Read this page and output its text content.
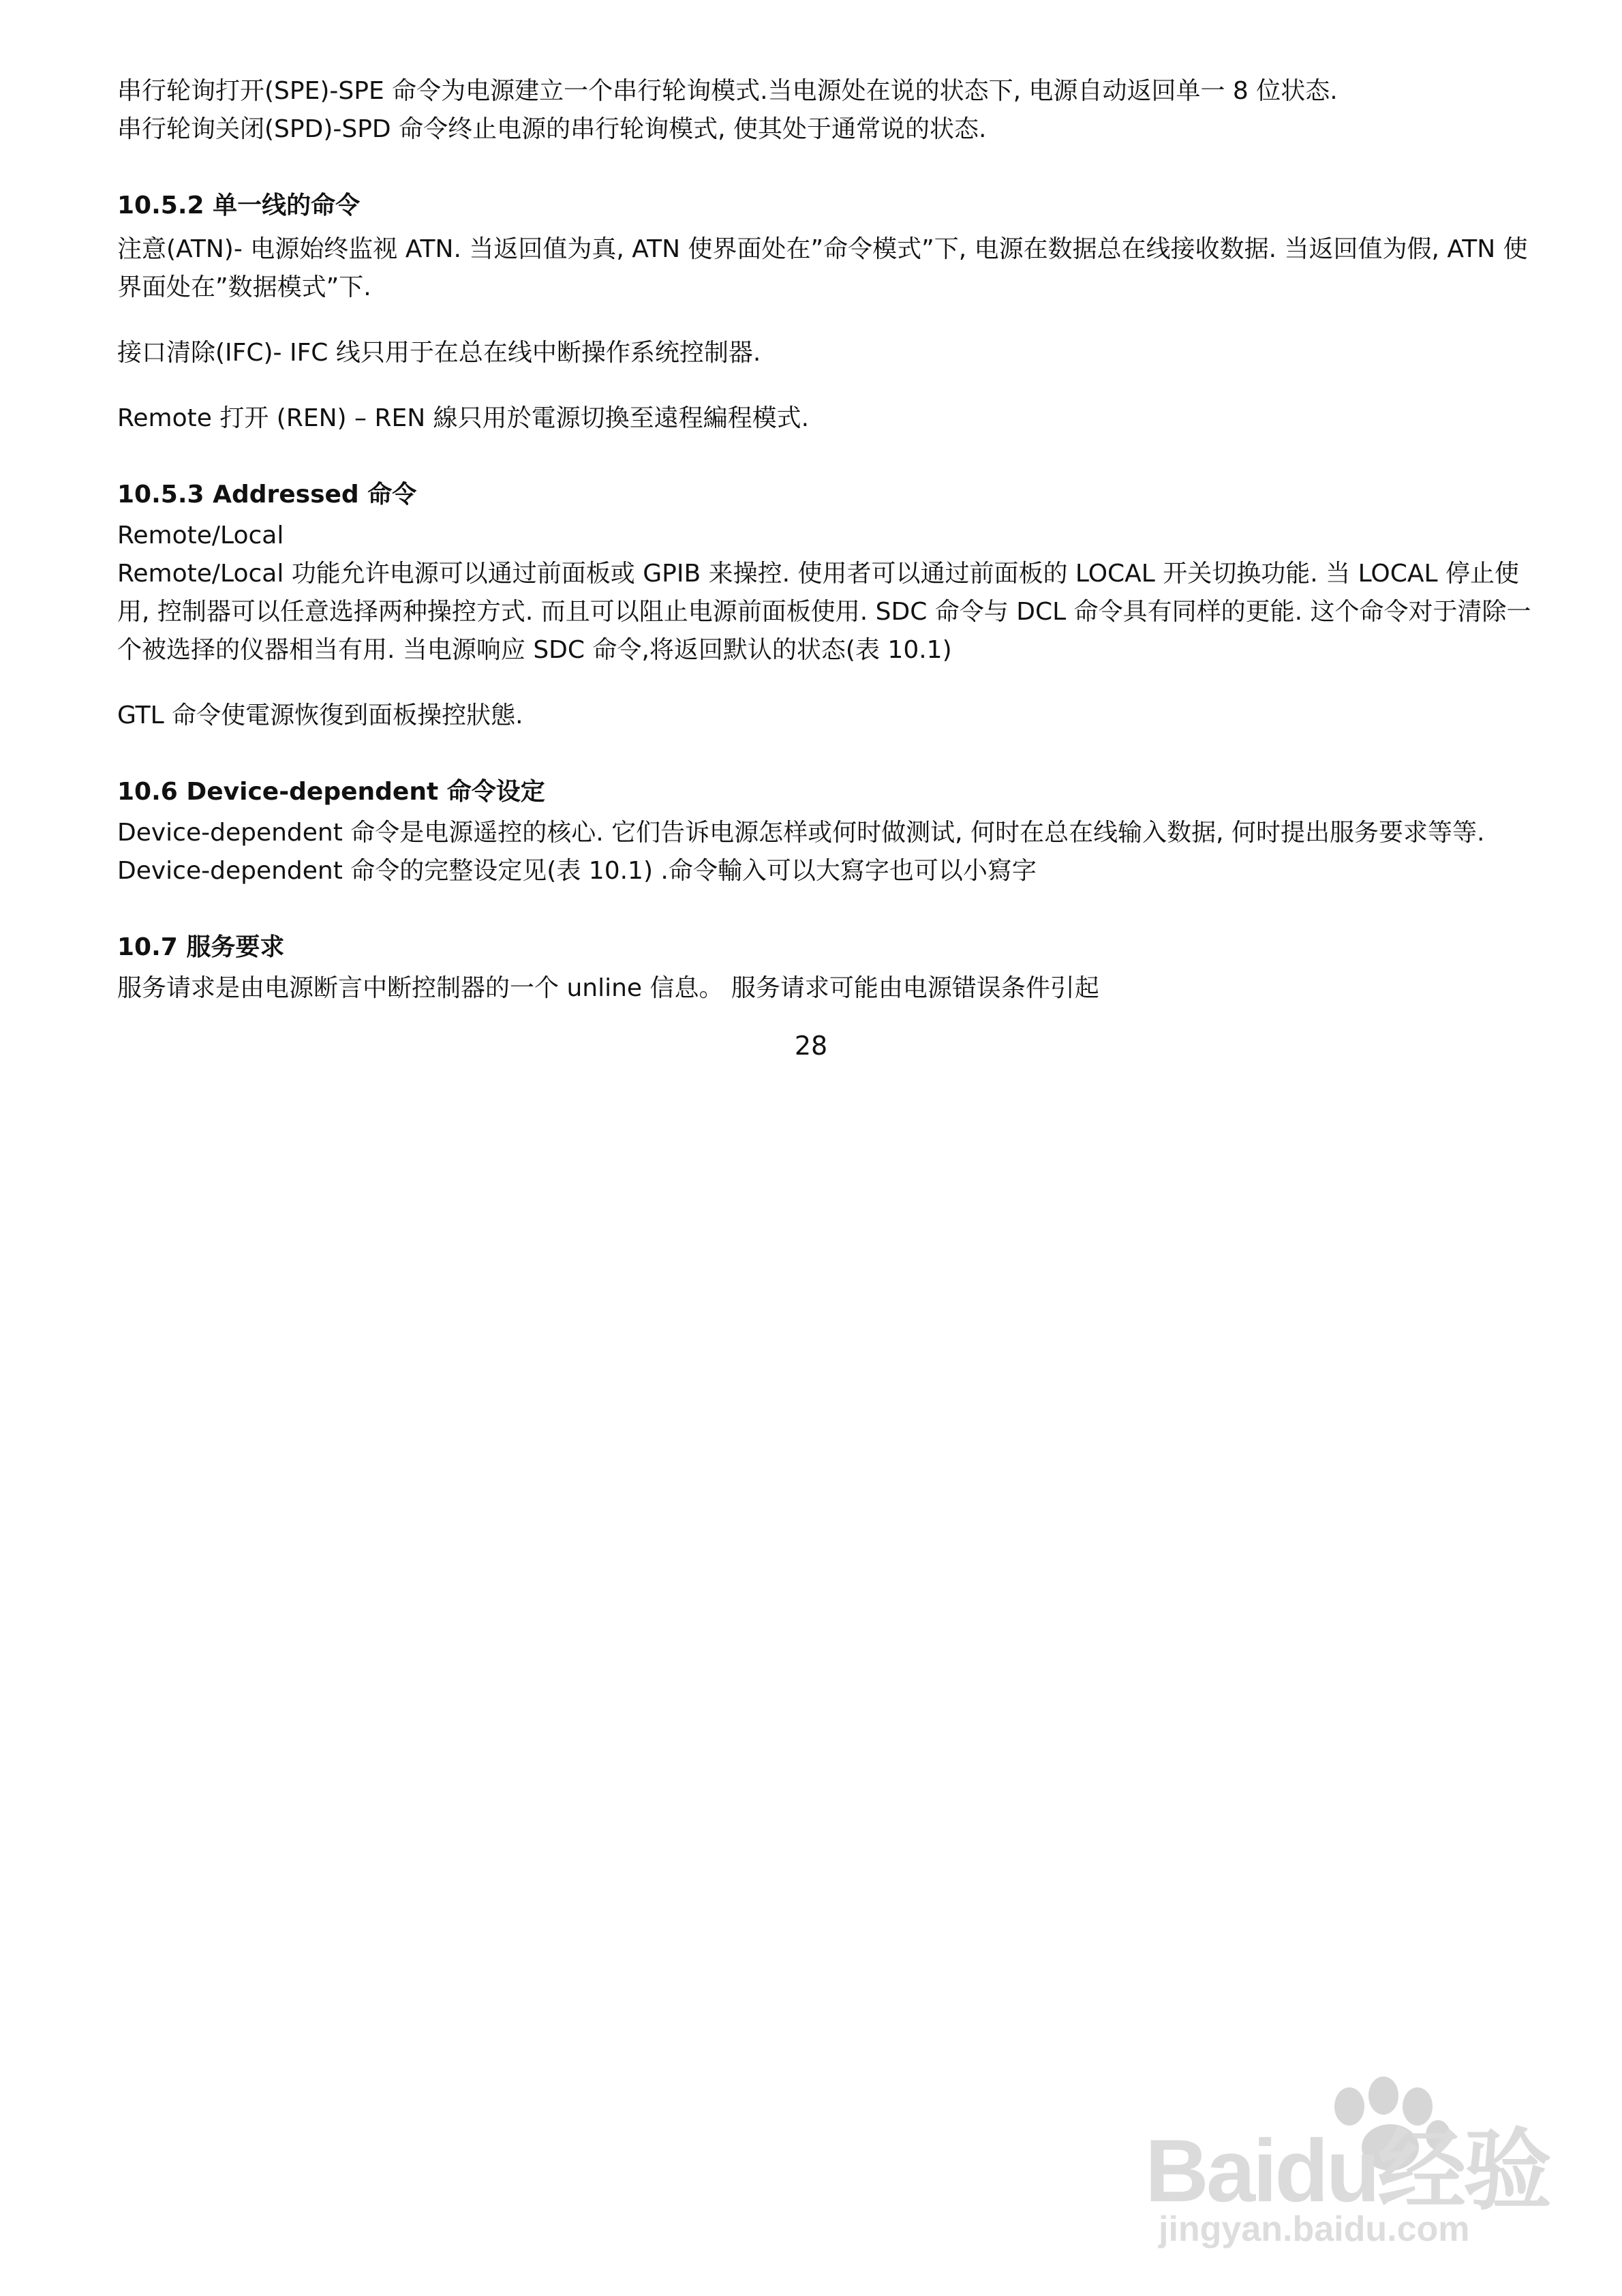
串行轮询打开(SPE)-SPE 命令为电源建立一个串行轮询模式.当电源处在说的状态下, 电源自动返回单一 8 位状态.

串行轮询关闭(SPD)-SPD 命令终止电源的串行轮询模式, 使其处于通常说的状态.

10.5.2 单一线的命令

注意(ATN)- 电源始终监视 ATN. 当返回值为真, ATN 使界面处在”命令模式”下, 电源在数据总在线接收数据. 当返回值为假, ATN 使界面处在”数据模式”下.

接口清除(IFC)- IFC 线只用于在总在线中断操作系统控制器.

Remote 打开 (REN) – REN 線只用於電源切換至遠程編程模式.

10.5.3 Addressed 命令

Remote/Local

Remote/Local 功能允许电源可以通过前面板或 GPIB 来操控. 使用者可以通过前面板的 LOCAL 开关切换功能. 当 LOCAL 停止使用, 控制器可以任意选择两种操控方式. 而且可以阻止电源前面板使用. SDC 命令与 DCL 命令具有同样的更能. 这个命令对于清除一个被选择的仪器相当有用. 当电源响应 SDC 命令,将返回默认的状态(表 10.1)

GTL 命令使電源恢復到面板操控狀態.

10.6 Device-dependent 命令设定

Device-dependent 命令是电源遥控的核心. 它们告诉电源怎样或何时做测试, 何时在总在线输入数据, 何时提出服务要求等等. Device-dependent 命令的完整设定见(表 10.1) .命令輸入可以大寫字也可以小寫字

10.7 服务要求

服务请求是由电源断言中断控制器的一个 unline 信息。 服务请求可能由电源错误条件引起

28
Baidu经验
jingyan.baidu.com
